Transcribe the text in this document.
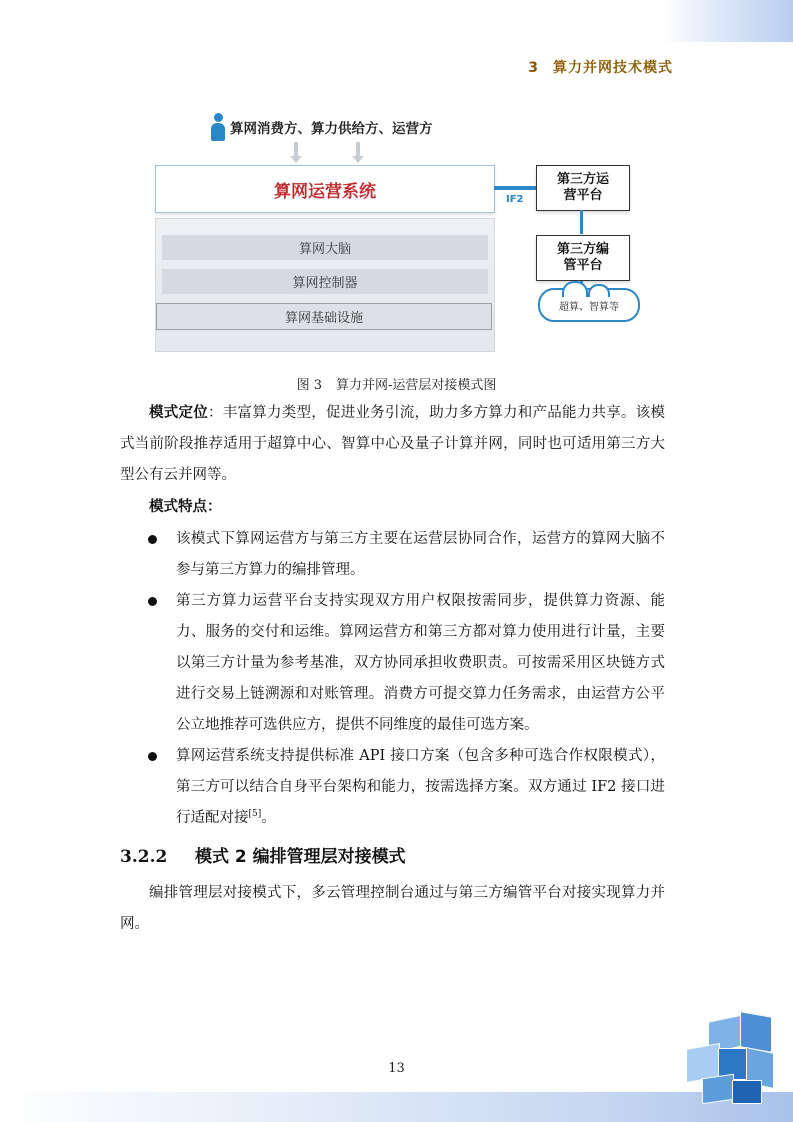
3 算力并网技术模式
算网消费方、算力供给方、运营方
算网运营系统
算网大脑
算网控制器
算网基础设施
IF2
第三方运营平台
第三方编管平台
超算、智算等
图 3 算力并网-运营层对接模式图

模式定位：丰富算力类型，促进业务引流，助力多方算力和产品能力共享。该模式当前阶段推荐适用于超算中心、智算中心及量子计算并网，同时也可适用第三方大型公有云并网等。

模式特点：

该模式下算网运营方与第三方主要在运营层协同合作，运营方的算网大脑不参与第三方算力的编排管理。
第三方算力运营平台支持实现双方用户权限按需同步，提供算力资源、能力、服务的交付和运维。算网运营方和第三方都对算力使用进行计量，主要以第三方计量为参考基准，双方协同承担收费职责。可按需采用区块链方式进行交易上链溯源和对账管理。消费方可提交算力任务需求，由运营方公平公立地推荐可选供应方，提供不同维度的最佳可选方案。
算网运营系统支持提供标准 API 接口方案（包含多种可选合作权限模式），第三方可以结合自身平台架构和能力，按需选择方案。双方通过 IF2 接口进行适配对接[5]。
3.2.2 模式 2 编排管理层对接模式

编排管理层对接模式下，多云管理控制台通过与第三方编管平台对接实现算力并网。

13
